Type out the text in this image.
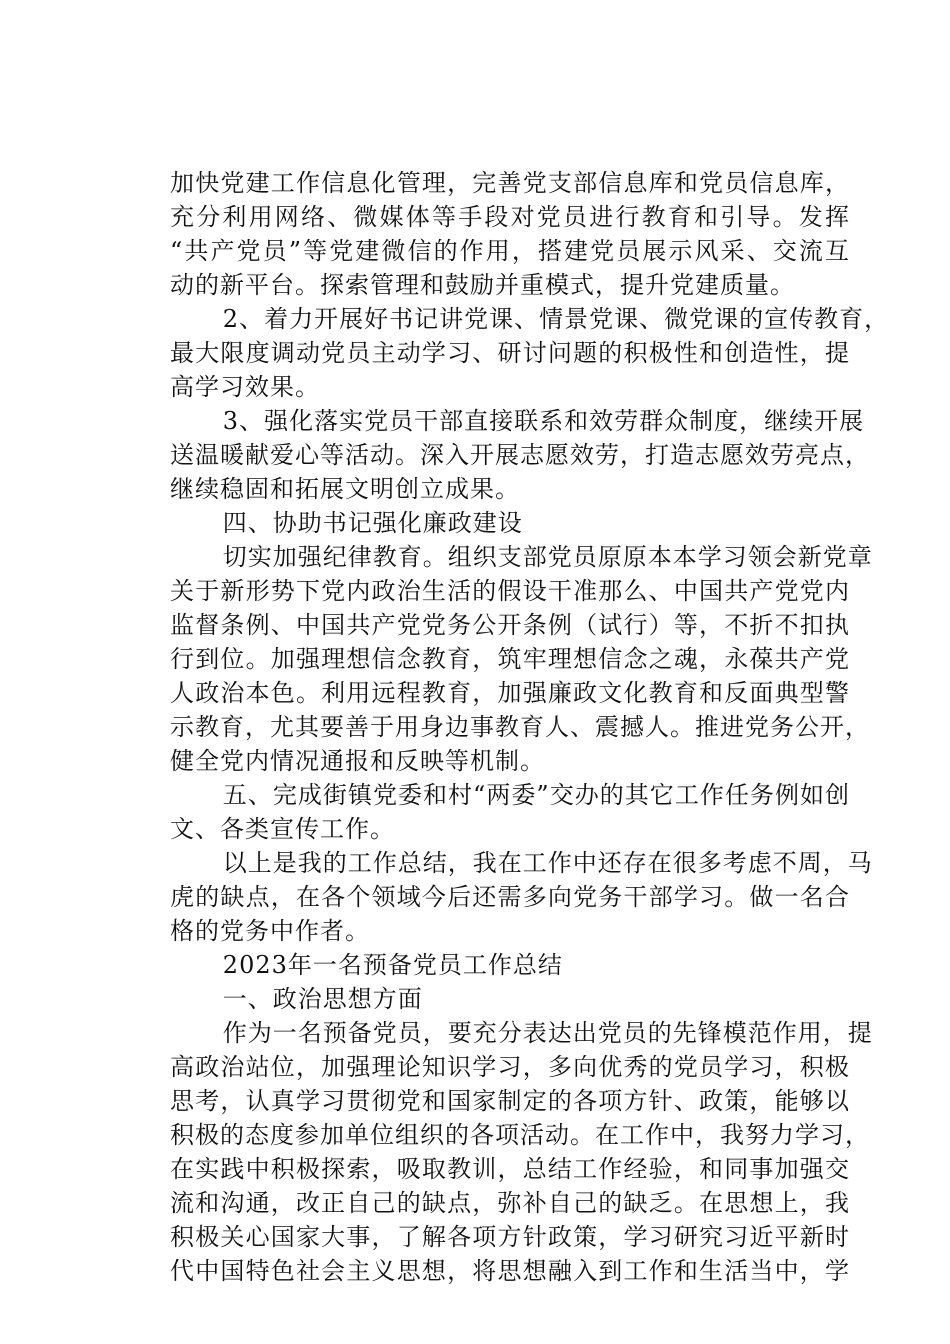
加快党建工作信息化管理，完善党支部信息库和党员信息库，
充分利用网络、微媒体等手段对党员进行教育和引导。发挥
“共产党员”等党建微信的作用，搭建党员展示风采、交流互
动的新平台。探索管理和鼓励并重模式，提升党建质量。
2、着力开展好书记讲党课、情景党课、微党课的宣传教育，
最大限度调动党员主动学习、研讨问题的积极性和创造性，提
高学习效果。
3、强化落实党员干部直接联系和效劳群众制度，继续开展
送温暖献爱心等活动。深入开展志愿效劳，打造志愿效劳亮点，
继续稳固和拓展文明创立成果。
四、协助书记强化廉政建设
切实加强纪律教育。组织支部党员原原本本学习领会新党章
关于新形势下党内政治生活的假设干准那么、中国共产党党内
监督条例、中国共产党党务公开条例（试行）等，不折不扣执
行到位。加强理想信念教育，筑牢理想信念之魂，永葆共产党
人政治本色。利用远程教育，加强廉政文化教育和反面典型警
示教育，尤其要善于用身边事教育人、震撼人。推进党务公开，
健全党内情况通报和反映等机制。
五、完成街镇党委和村“两委”交办的其它工作任务例如创
文、各类宣传工作。
以上是我的工作总结，我在工作中还存在很多考虑不周，马
虎的缺点，在各个领域今后还需多向党务干部学习。做一名合
格的党务中作者。
2023年一名预备党员工作总结
一、政治思想方面
作为一名预备党员，要充分表达出党员的先锋模范作用，提
高政治站位，加强理论知识学习，多向优秀的党员学习，积极
思考，认真学习贯彻党和国家制定的各项方针、政策，能够以
积极的态度参加单位组织的各项活动。在工作中，我努力学习，
在实践中积极探索，吸取教训，总结工作经验，和同事加强交
流和沟通，改正自己的缺点，弥补自己的缺乏。在思想上，我
积极关心国家大事，了解各项方针政策，学习研究习近平新时
代中国特色社会主义思想，将思想融入到工作和生活当中，学
